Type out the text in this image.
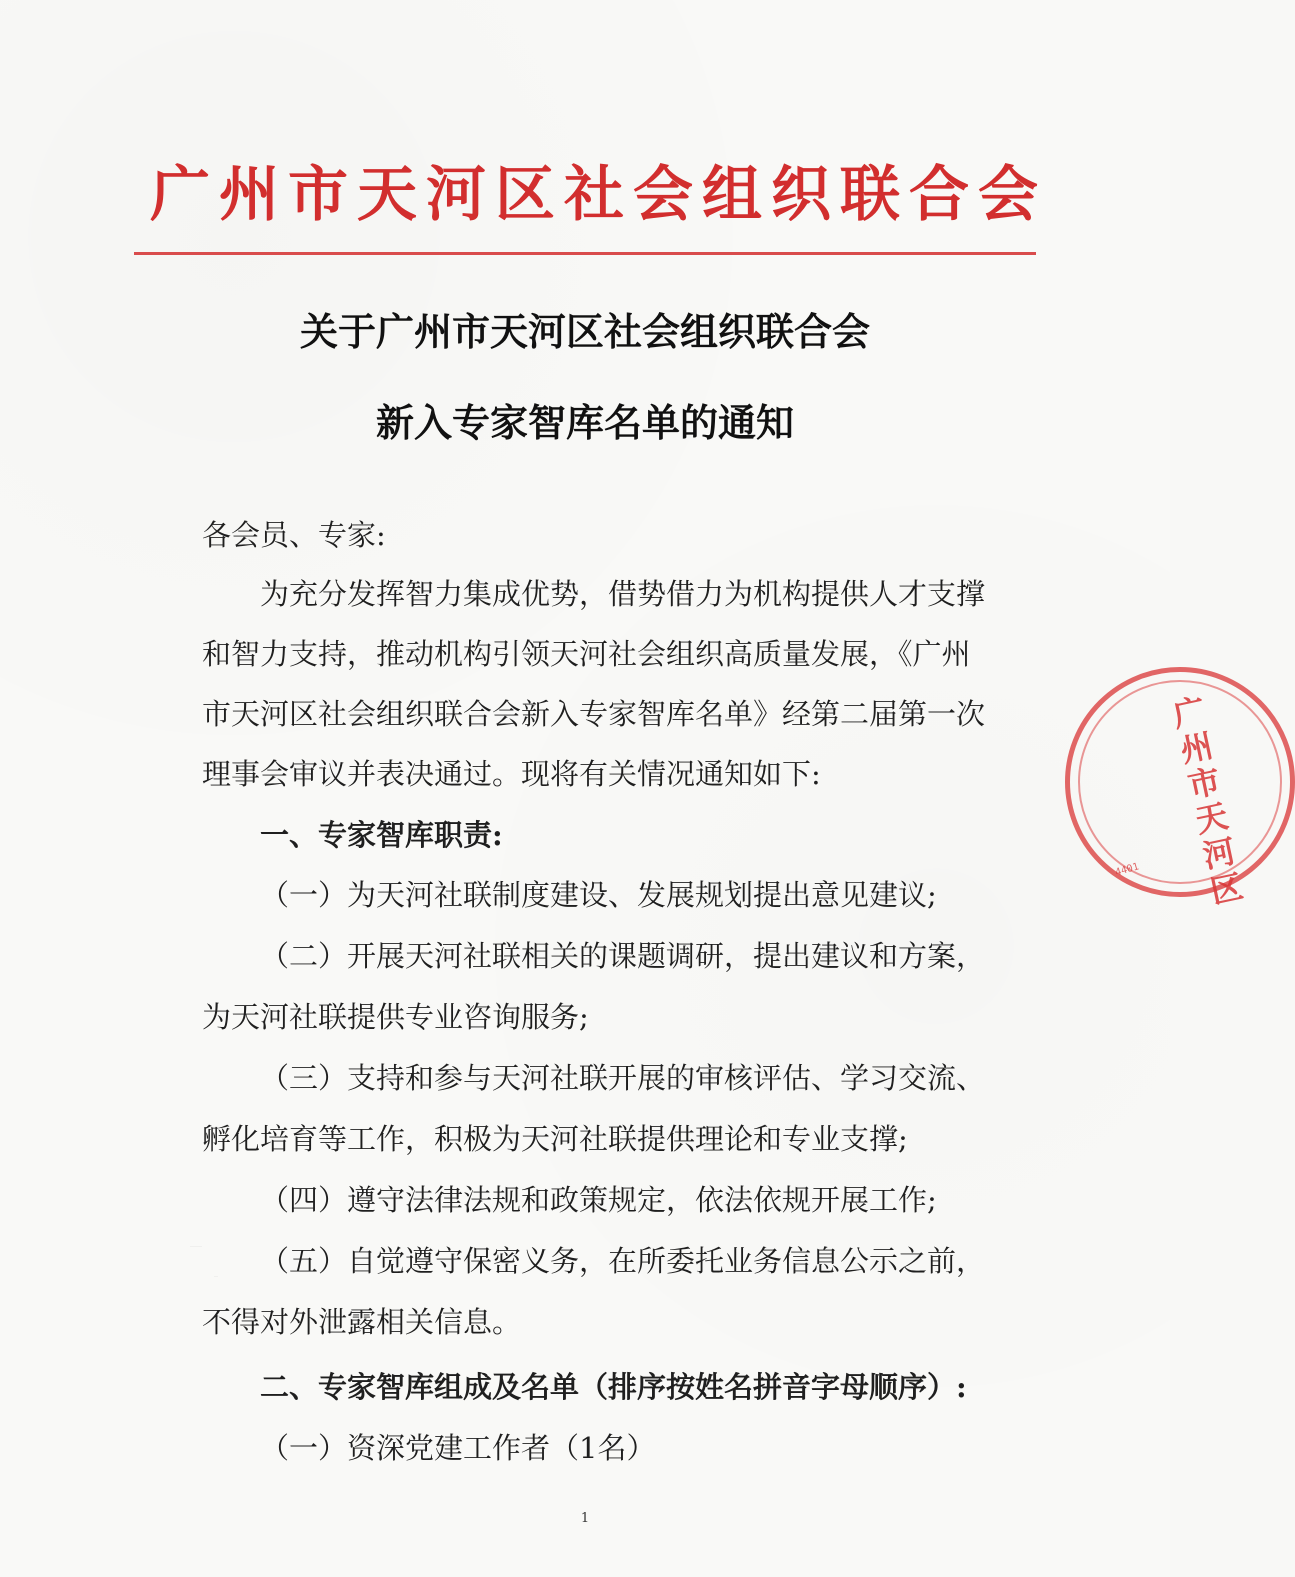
广州市天河区社会组织联合会
关于广州市天河区社会组织联合会
新入专家智库名单的通知
各会员、专家:
为充分发挥智力集成优势，借势借力为机构提供人才支撑
和智力支持，推动机构引领天河社会组织高质量发展，《广州
市天河区社会组织联合会新入专家智库名单》经第二届第一次
理事会审议并表决通过。现将有关情况通知如下:
一、专家智库职责:
（一）为天河社联制度建设、发展规划提出意见建议;
（二）开展天河社联相关的课题调研，提出建议和方案，
为天河社联提供专业咨询服务;
（三）支持和参与天河社联开展的审核评估、学习交流、
孵化培育等工作，积极为天河社联提供理论和专业支撑;
（四）遵守法律法规和政策规定，依法依规开展工作;
（五）自觉遵守保密义务，在所委托业务信息公示之前，
不得对外泄露相关信息。
二、专家智库组成及名单（排序按姓名拼音字母顺序）:
（一）资深党建工作者（1名）
1
广州市天河区
4401
